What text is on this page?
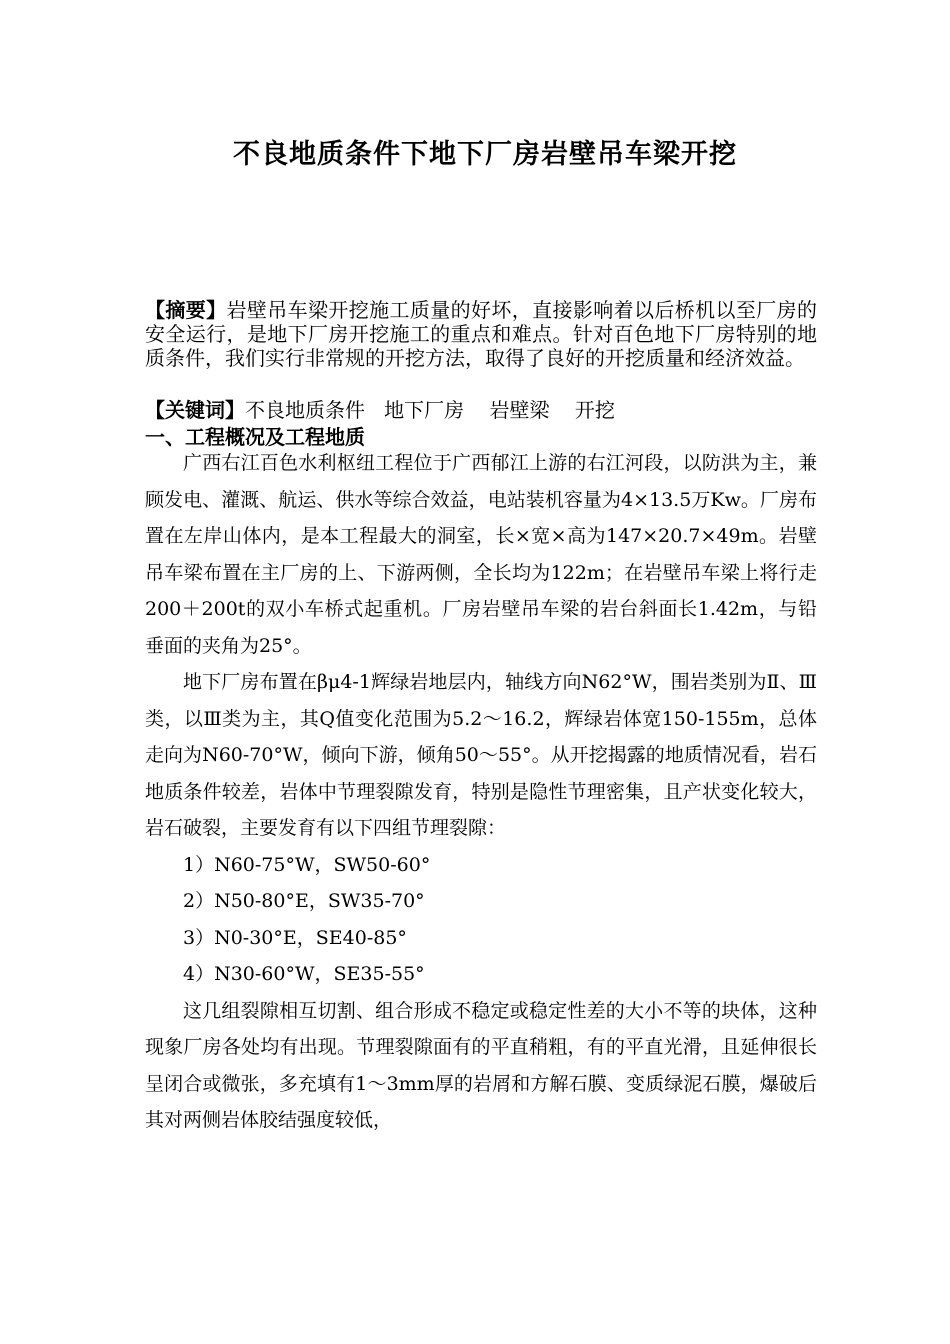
不良地质条件下地下厂房岩壁吊车梁开挖
【摘要】岩壁吊车梁开挖施工质量的好坏，直接影响着以后桥机以至厂房的安全运行，是地下厂房开挖施工的重点和难点。针对百色地下厂房特别的地质条件，我们实行非常规的开挖方法，取得了良好的开挖质量和经济效益。
【关键词】不良地质条件   地下厂房    岩壁梁    开挖
一、工程概况及工程地质

广西右江百色水利枢纽工程位于广西郁江上游的右江河段，以防洪为主，兼顾发电、灌溉、航运、供水等综合效益，电站装机容量为4×13.5万Kw。厂房布置在左岸山体内，是本工程最大的洞室，长×宽×高为147×20.7×49m。岩壁吊车梁布置在主厂房的上、下游两侧，全长均为122m；在岩壁吊车梁上将行走200＋200t的双小车桥式起重机。厂房岩壁吊车梁的岩台斜面长1.42m，与铅垂面的夹角为25°。

地下厂房布置在βμ4-1辉绿岩地层内，轴线方向N62°W，围岩类别为Ⅱ、Ⅲ类，以Ⅲ类为主，其Q值变化范围为5.2～16.2，辉绿岩体宽150-155m，总体走向为N60-70°W，倾向下游，倾角50～55°。从开挖揭露的地质情况看，岩石地质条件较差，岩体中节理裂隙发育，特别是隐性节理密集，且产状变化较大，岩石破裂，主要发育有以下四组节理裂隙：

1）N60-75°W，SW50-60°

2）N50-80°E，SW35-70°

3）N0-30°E，SE40-85°

4）N30-60°W，SE35-55°

这几组裂隙相互切割、组合形成不稳定或稳定性差的大小不等的块体，这种现象厂房各处均有出现。节理裂隙面有的平直稍粗，有的平直光滑，且延伸很长呈闭合或微张，多充填有1～3mm厚的岩屑和方解石膜、变质绿泥石膜，爆破后其对两侧岩体胶结强度较低，
